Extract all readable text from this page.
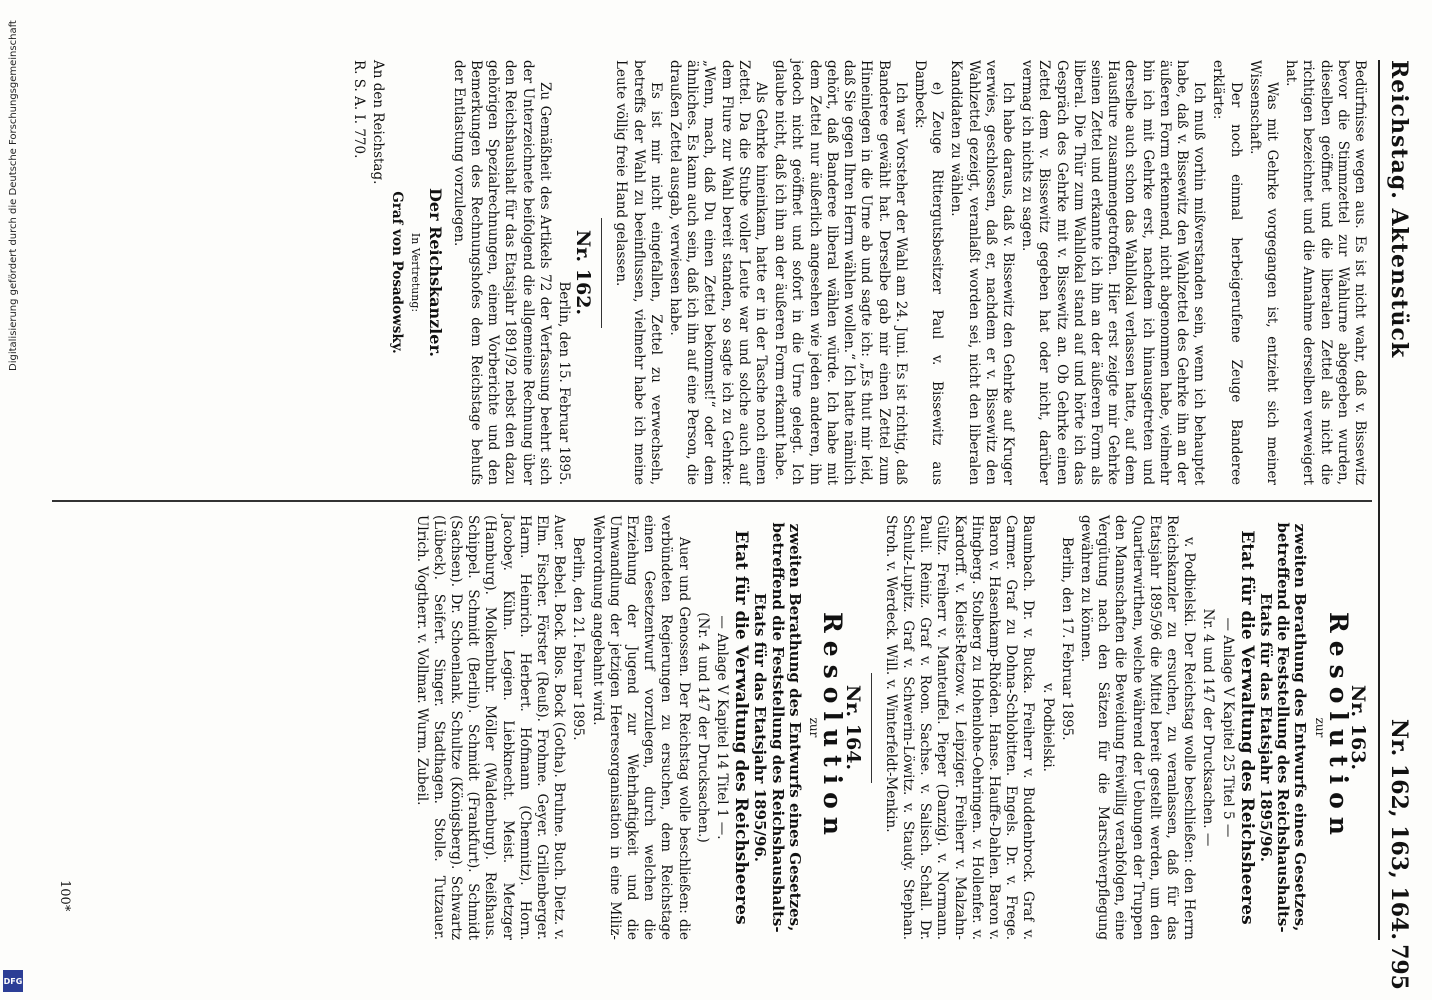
Reichstag. Aktenstück
Nr. 162, 163, 164.
795

Bedürfnisse wegen aus. Es ist nicht wahr, daß v. Bissewitz bevor die Stimmzettel zur Wahlurne abgegeben wurden, dieselben geöffnet und die liberalen Zettel als nicht die richtigen bezeichnet und die Annahme derselben verweigert hat.

Was mit Gehrke vorgegangen ist, entzieht sich meiner Wissenschaft.

Der noch einmal herbeigerufene Zeuge Banderee erklärte:

Ich muß vorhin mißverstanden sein, wenn ich behauptet habe, daß v. Bissewitz den Wahlzettel des Gehrke ihn an der äußeren Form erkennend, nicht abgenommen habe, vielmehr bin ich mit Gehrke erst, nachdem ich hinausgetreten und derselbe auch schon das Wahllokal verlassen hatte, auf dem Hausflure zusammengetroffen. Hier erst zeigte mir Gehrke seinen Zettel und erkannte ich ihn an der äußeren Form als liberal. Die Thür zum Wahllokal stand auf und hörte ich das Gespräch des Gehrke mit v. Bissewitz an. Ob Gehrke einen Zettel dem v. Bissewitz gegeben hat oder nicht, darüber vermag ich nichts zu sagen.

Ich habe daraus, daß v. Bissewitz den Gehrke auf Kruger verwies, geschlossen, daß er, nachdem er v. Bissewitz den Wahlzettel gezeigt, veranlaßt worden sei, nicht den liberalen Kandidaten zu wählen.

e) Zeuge Rittergutsbesitzer Paul v. Bissewitz aus Dambeck:

Ich war Vorsteher der Wahl am 24. Juni. Es ist richtig, daß Banderee gewählt hat. Derselbe gab mir einen Zettel zum Hineinlegen in die Urne ab und sagte ich: „Es thut mir leid, daß Sie gegen Ihren Herrn wählen wollen.“ Ich hatte nämlich gehört, daß Banderee liberal wählen würde. Ich habe mit dem Zettel nur äußerlich angesehen wie jeden anderen, ihn jedoch nicht geöffnet und sofort in die Urne gelegt. Ich glaube nicht, daß ich ihn an der äußeren Form erkannt habe.

Als Gehrke hineinkam, hatte er in der Tasche noch einen Zettel. Da die Stube voller Leute war und solche auch auf dem Flure zur Wahl bereit standen, so sagte ich zu Gehrke: „Wenn, mach, daß Du einen Zettel bekommst!“ oder dem ähnliches. Es kann auch sein, daß ich ihn auf eine Person, die draußen Zettel ausgab, verwiesen habe.

Es ist mir nicht eingefallen, Zettel zu verwechseln, betreffs der Wahl zu beeinflussen, vielmehr habe ich meine Leute völlig freie Hand gelassen.

Nr. 162.

Berlin, den 15. Februar 1895.

Zu Gemäßheit des Artikels 72 der Verfassung beehrt sich der Unterzeichnete beifolgend die allgemeine Rechnung über den Reichshaushalt für das Etatsjahr 1891/92 nebst den dazu gehörigen Spezialrechnungen, einem Vorberichte und den Bemerkungen des Rechnungshofes dem Reichstage behufs der Entlastung vorzulegen.

Der Reichskanzler.

In Vertretung:

Graf von Posadowsky.

An den Reichstag.

R. S. A. I. 770.

Nr. 163.

Resolution

zur

zweiten Berathung des Entwurfs eines Gesetzes, betreffend die Feststellung des Reichshaushalts-Etats für das Etatsjahr 1895/96.

Etat für die Verwaltung des Reichsheeres

— Anlage V Kapitel 25 Titel 5 —

Nr. 4 und 147 der Drucksachen. —

v. Podbielski. Der Reichstag wolle beschließen: den Herrn Reichskanzler zu ersuchen, zu veranlassen, daß für das Etatsjahr 1895/96 die Mittel bereit gestellt werden, um den Quartierwirthen, welche während der Uebungen der Truppen den Mannschaften die Beweidung freiwillig verabfolgen, eine Vergütung nach den Sätzen für die Marschverpflegung gewähren zu können.

Berlin, den 17. Februar 1895.

v. Podbielski.

Baumbach. Dr. v. Bucka. Freiherr v. Buddenbrock. Graf v. Carmer. Graf zu Dohna-Schlobitten. Engels. Dr. v. Frege. Baron v. Hasenkamp-Rhöden. Hanse. Hauffe-Dahlen. Baron v. Hingberg. Stolberg zu Hohenlohe-Oehringen. v. Hollenfer. v. Kardorff. v. Kleist-Retzow. v. Leipziger. Freiherr v. Malzahn-Gültz. Freiherr v. Manteuffel. Pieper (Danzig). v. Normann. Pauli. Reiniz. Graf v. Roon. Sachse. v. Salisch. Schall. Dr. Schulz-Lupitz. Graf v. Schwerin-Löwitz. v. Staudy. Stephan. Stroh. v. Werdeck. Will. v. Winterfeldt-Menkin.

Nr. 164.

Resolution

zur

zweiten Berathung des Entwurfs eines Gesetzes, betreffend die Feststellung des Reichshaushalts-Etats für das Etatsjahr 1895/96.

Etat für die Verwaltung des Reichsheeres

— Anlage V Kapitel 14 Titel 1 —.

(Nr. 4 und 147 der Drucksachen.)

Auer und Genossen. Der Reichstag wolle beschließen: die verbündeten Regierungen zu ersuchen, dem Reichstage einen Gesetzentwurf vorzulegen, durch welchen die Erziehung der Jugend zur Wehrhaftigkeit und die Umwandlung der jetzigen Heeresorganisation in eine Miliz-Wehrordnung angebahnt wird.

Berlin, den 21. Februar 1895.

Auer. Bebel. Bock. Blos. Bock (Gotha). Bruhne. Buch. Dietz. v. Elm. Fischer. Förster (Reuß). Frohme. Geyer. Grillenberger. Harm. Heinrich. Herbert. Hofmann (Chemnitz). Horn. Jacobey. Kühn. Legien. Liebknecht. Meist. Metzger (Hamburg). Molkenbuhr. Möller (Waldenburg). Reißhaus. Schippel. Schmidt (Berlin). Schmidt (Frankfurt). Schmidt (Sachsen). Dr. Schoenlank. Schultze (Königsberg). Schwartz (Lübeck). Seifert. Singer. Stadthagen. Stolle. Tutzauer. Ulrich. Vogtherr. v. Vollmar. Wurm. Zubeil.

100*
Digitalisierung gefördert durch die Deutsche Forschungsgemeinschaft
DFG
